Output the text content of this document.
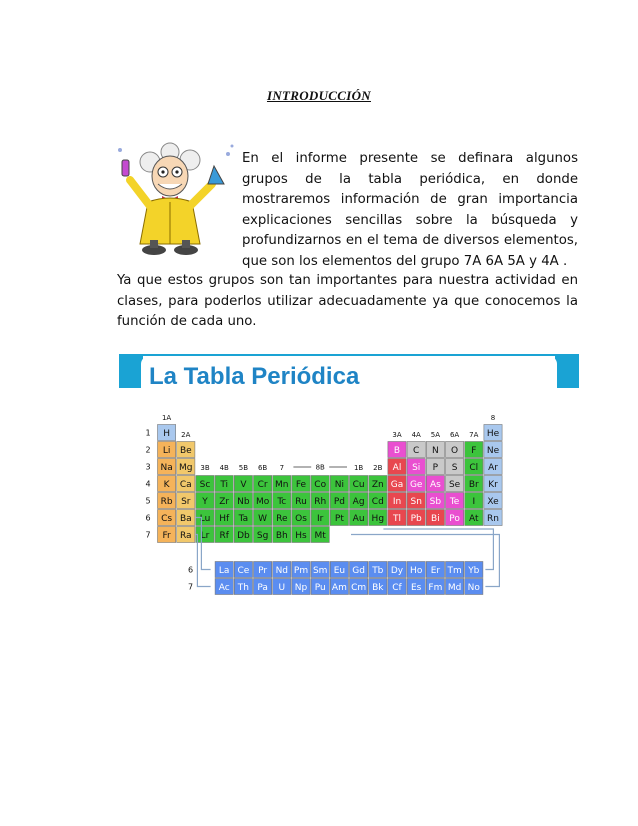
INTRODUCCIÓN
En el informe presente se definara algunos grupos de la tabla periódica, en donde mostraremos información de gran importancia explicaciones sencillas sobre la búsqueda y profundizarnos en el tema de diversos elementos, que son los elementos del grupo 7A 6A 5A y 4A .
Ya que estos grupos son tan importantes para nuestra actividad en clases, para poderlos utilizar adecuadamente ya que conocemos la función de cada uno.
La Tabla Periódica
1A
2A
3B 4B 5B 6B 7	1B 2B
8B
3A 4A 5A 6A 7A
8
1
2
3
4
5
6
7
H	He
Li Be	B C N O F Ne
Na Mg	Al Si P S Cl Ar
K Ca Sc Ti V Cr Mn Fe Co Ni Cu Zn Ga Ge As Se Br Kr
Rb Sr Y Zr Nb Mo Tc Ru Rh Pd Ag Cd In Sn Sb Te I Xe
Cs Ba Lu Hf Ta W Re Os Ir Pt Au Hg Tl Pb Bi Po At Rn
Fr Ra Lr Rf Db Sg Bh Hs Mt
6
7
La Ce Pr Nd Pm Sm Eu Gd Tb Dy Ho Er Tm Yb
Ac Th Pa U Np Pu Am Cm Bk Cf Es Fm Md No
